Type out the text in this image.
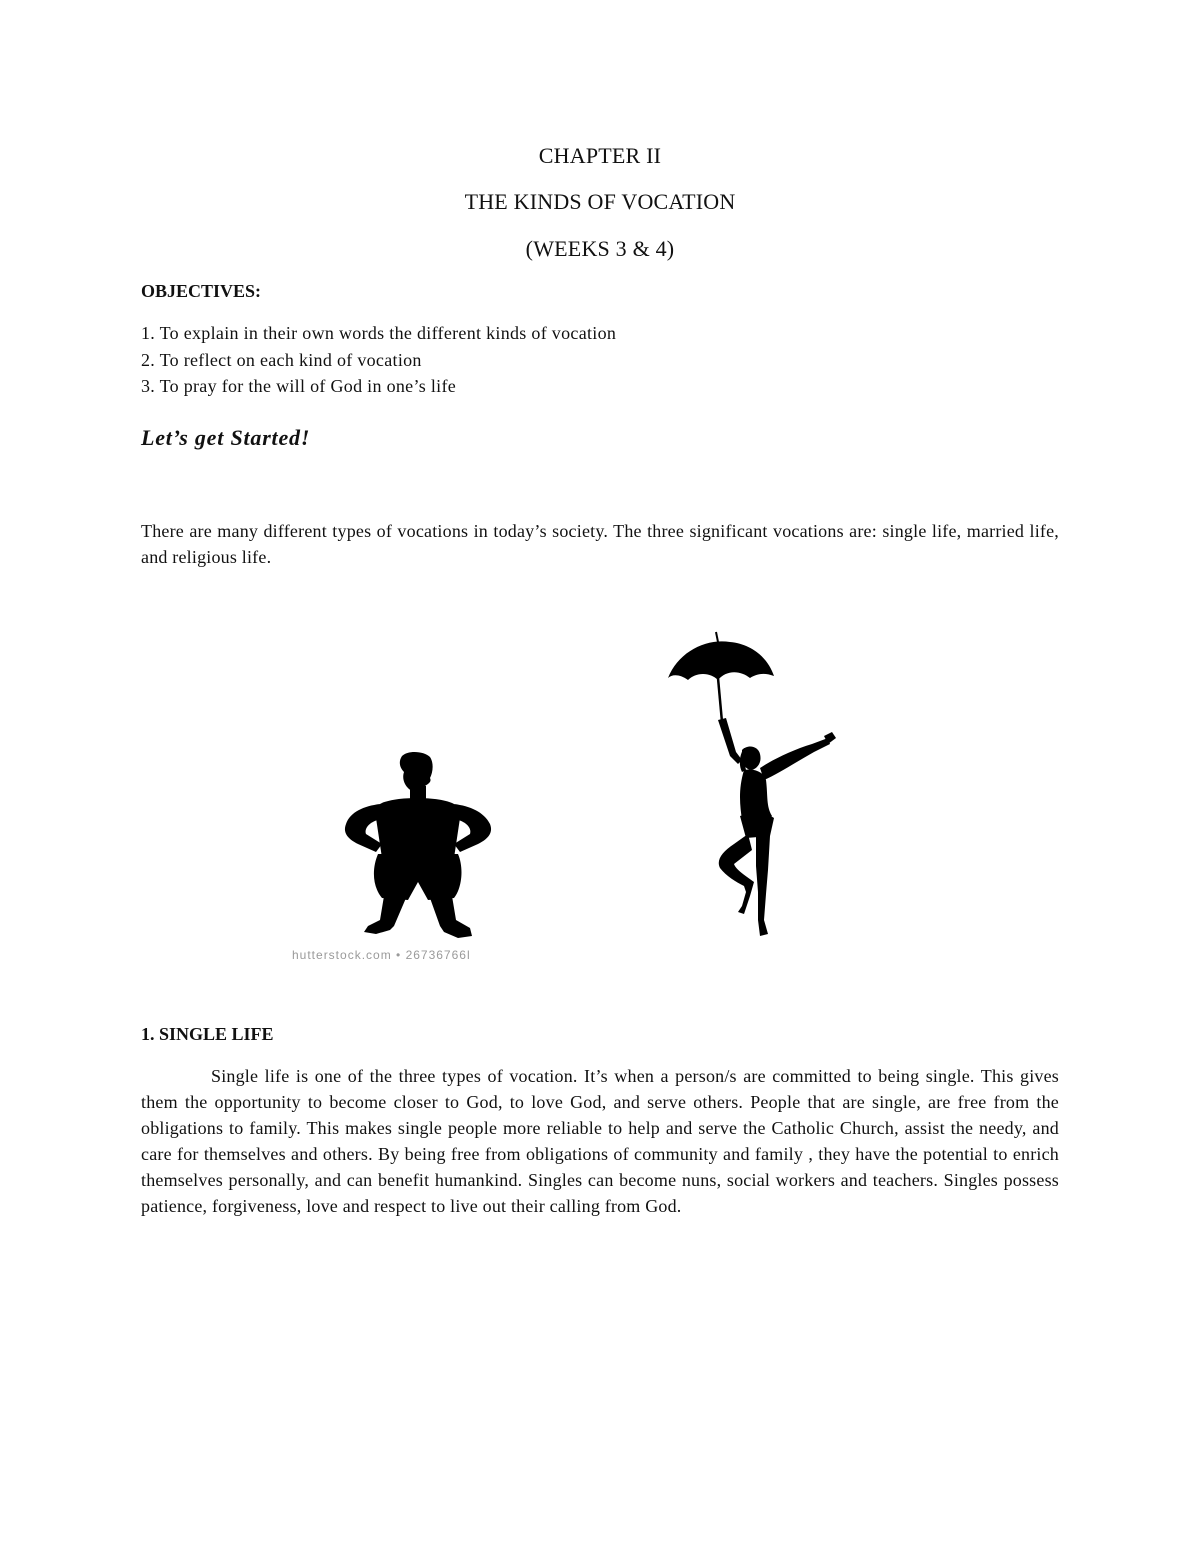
CHAPTER II
THE KINDS OF VOCATION
(WEEKS 3 & 4)
OBJECTIVES:
1. To explain in their own words the different kinds of vocation
2. To reflect on each kind of vocation
3. To pray for the will of God in one’s life
Let’s get Started!
There are many different types of vocations in today’s society. The three significant vocations are: single life, married life, and religious life.
hutterstock.com • 26736766l
1. SINGLE LIFE
Single life is one of the three types of vocation. It’s when a person/s are committed to being single. This gives them the opportunity to become closer to God, to love God, and serve others. People that are single, are free from the obligations to family. This makes single people more reliable to help and serve the Catholic Church, assist the needy, and care for themselves and others. By being free from obligations of community and family , they have the potential to enrich themselves personally, and can benefit humankind. Singles can become nuns, social workers and teachers. Singles possess patience, forgiveness, love and respect to live out their calling from God.
